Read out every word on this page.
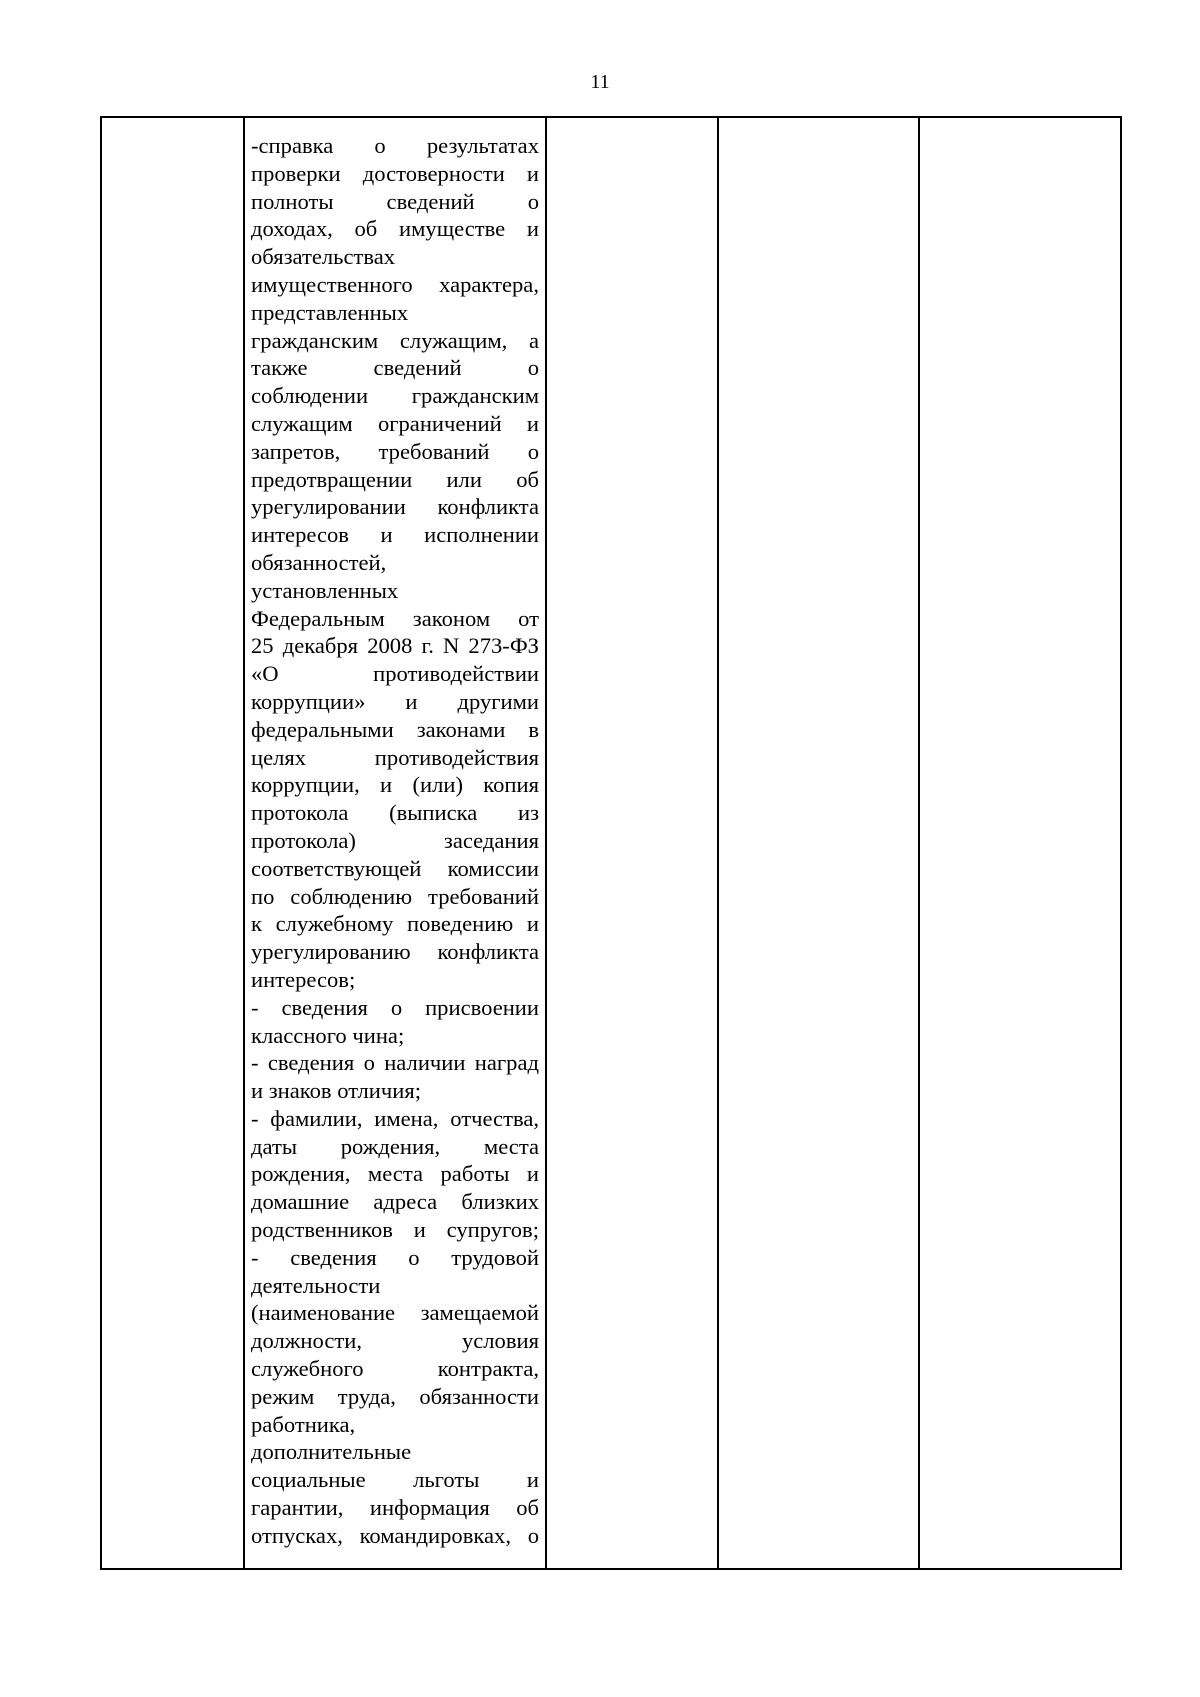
11

-справка о результатах
проверки достоверности и
полноты сведений о
доходах, об имуществе и
обязательствах
имущественного характера,
представленных
гражданским служащим, а
также сведений о
соблюдении гражданским
служащим ограничений и
запретов, требований о
предотвращении или об
урегулировании конфликта
интересов и исполнении
обязанностей,
установленных
Федеральным законом от
25 декабря 2008 г. N 273-ФЗ
«О противодействии
коррупции» и другими
федеральными законами в
целях противодействия
коррупции, и (или) копия
протокола (выписка из
протокола) заседания
соответствующей комиссии
по соблюдению требований
к служебному поведению и
урегулированию конфликта
интересов;
- сведения о присвоении
классного чина;
- сведения о наличии наград
и знаков отличия;
- фамилии, имена, отчества,
даты рождения, места
рождения, места работы и
домашние адреса близких
родственников и супругов;
- сведения о трудовой
деятельности
(наименование замещаемой
должности, условия
служебного контракта,
режим труда, обязанности
работника,
дополнительные
социальные льготы и
гарантии, информация об
отпусках, командировках, о
